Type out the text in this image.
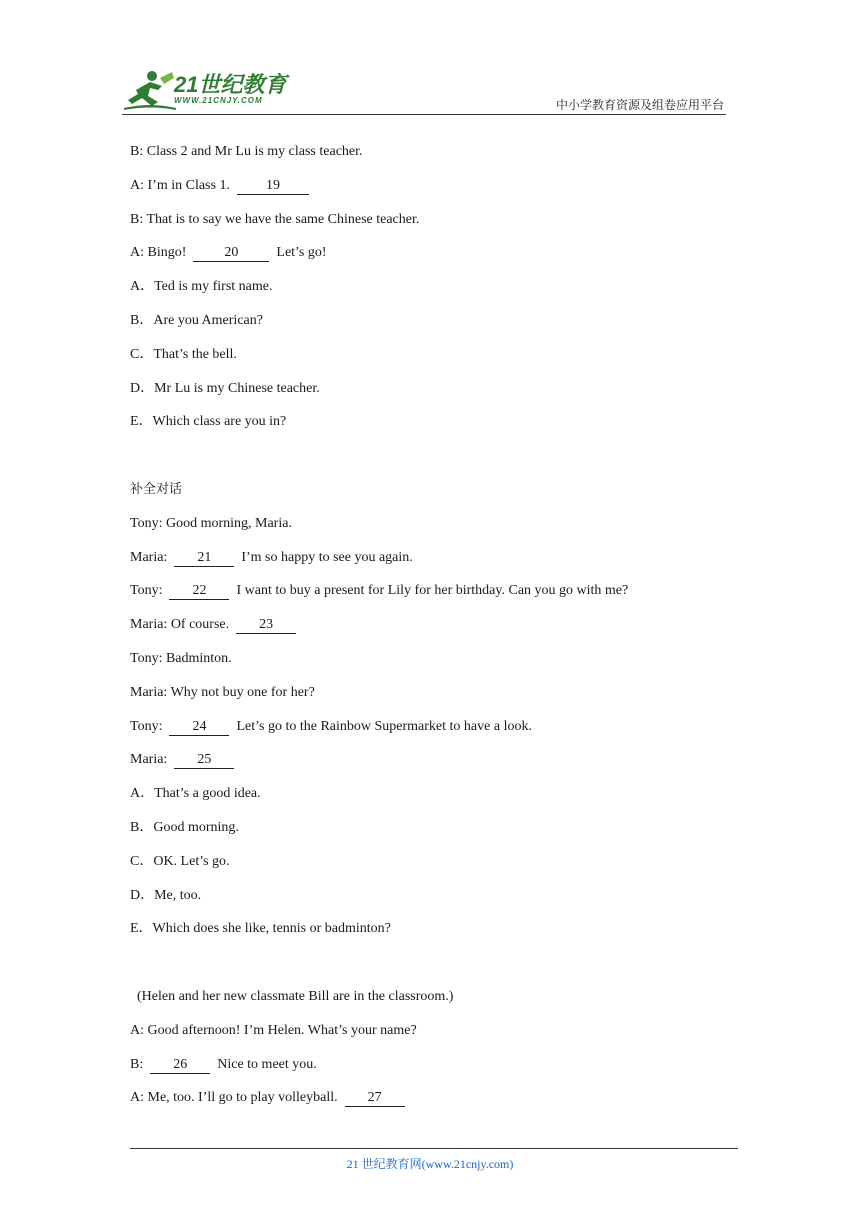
21世纪教育
WWW.21CNJY.COM	中小学教育资源及组卷应用平台
B: Class 2 and Mr Lu is my class teacher.
A: I’m in Class 1.  19
B: That is to say we have the same Chinese teacher.
A: Bingo!  20  Let’s go!
A．Ted is my first name.
B．Are you American?
C．That’s the bell.
D．Mr Lu is my Chinese teacher.
E．Which class are you in?
补全对话
Tony: Good morning, Maria.
Maria:  21  I’m so happy to see you again.
Tony:  22  I want to buy a present for Lily for her birthday. Can you go with me?
Maria: Of course.  23
Tony: Badminton.
Maria: Why not buy one for her?
Tony:  24  Let’s go to the Rainbow Supermarket to have a look.
Maria:  25
A．That’s a good idea.
B．Good morning.
C．OK. Let’s go.
D．Me, too.
E．Which does she like, tennis or badminton?
(Helen and her new classmate Bill are in the classroom.)
A: Good afternoon! I’m Helen. What’s your name?
B:  26  Nice to meet you.
A: Me, too. I’ll go to play volleyball.  27
21 世纪教育网(www.21cnjy.com)
